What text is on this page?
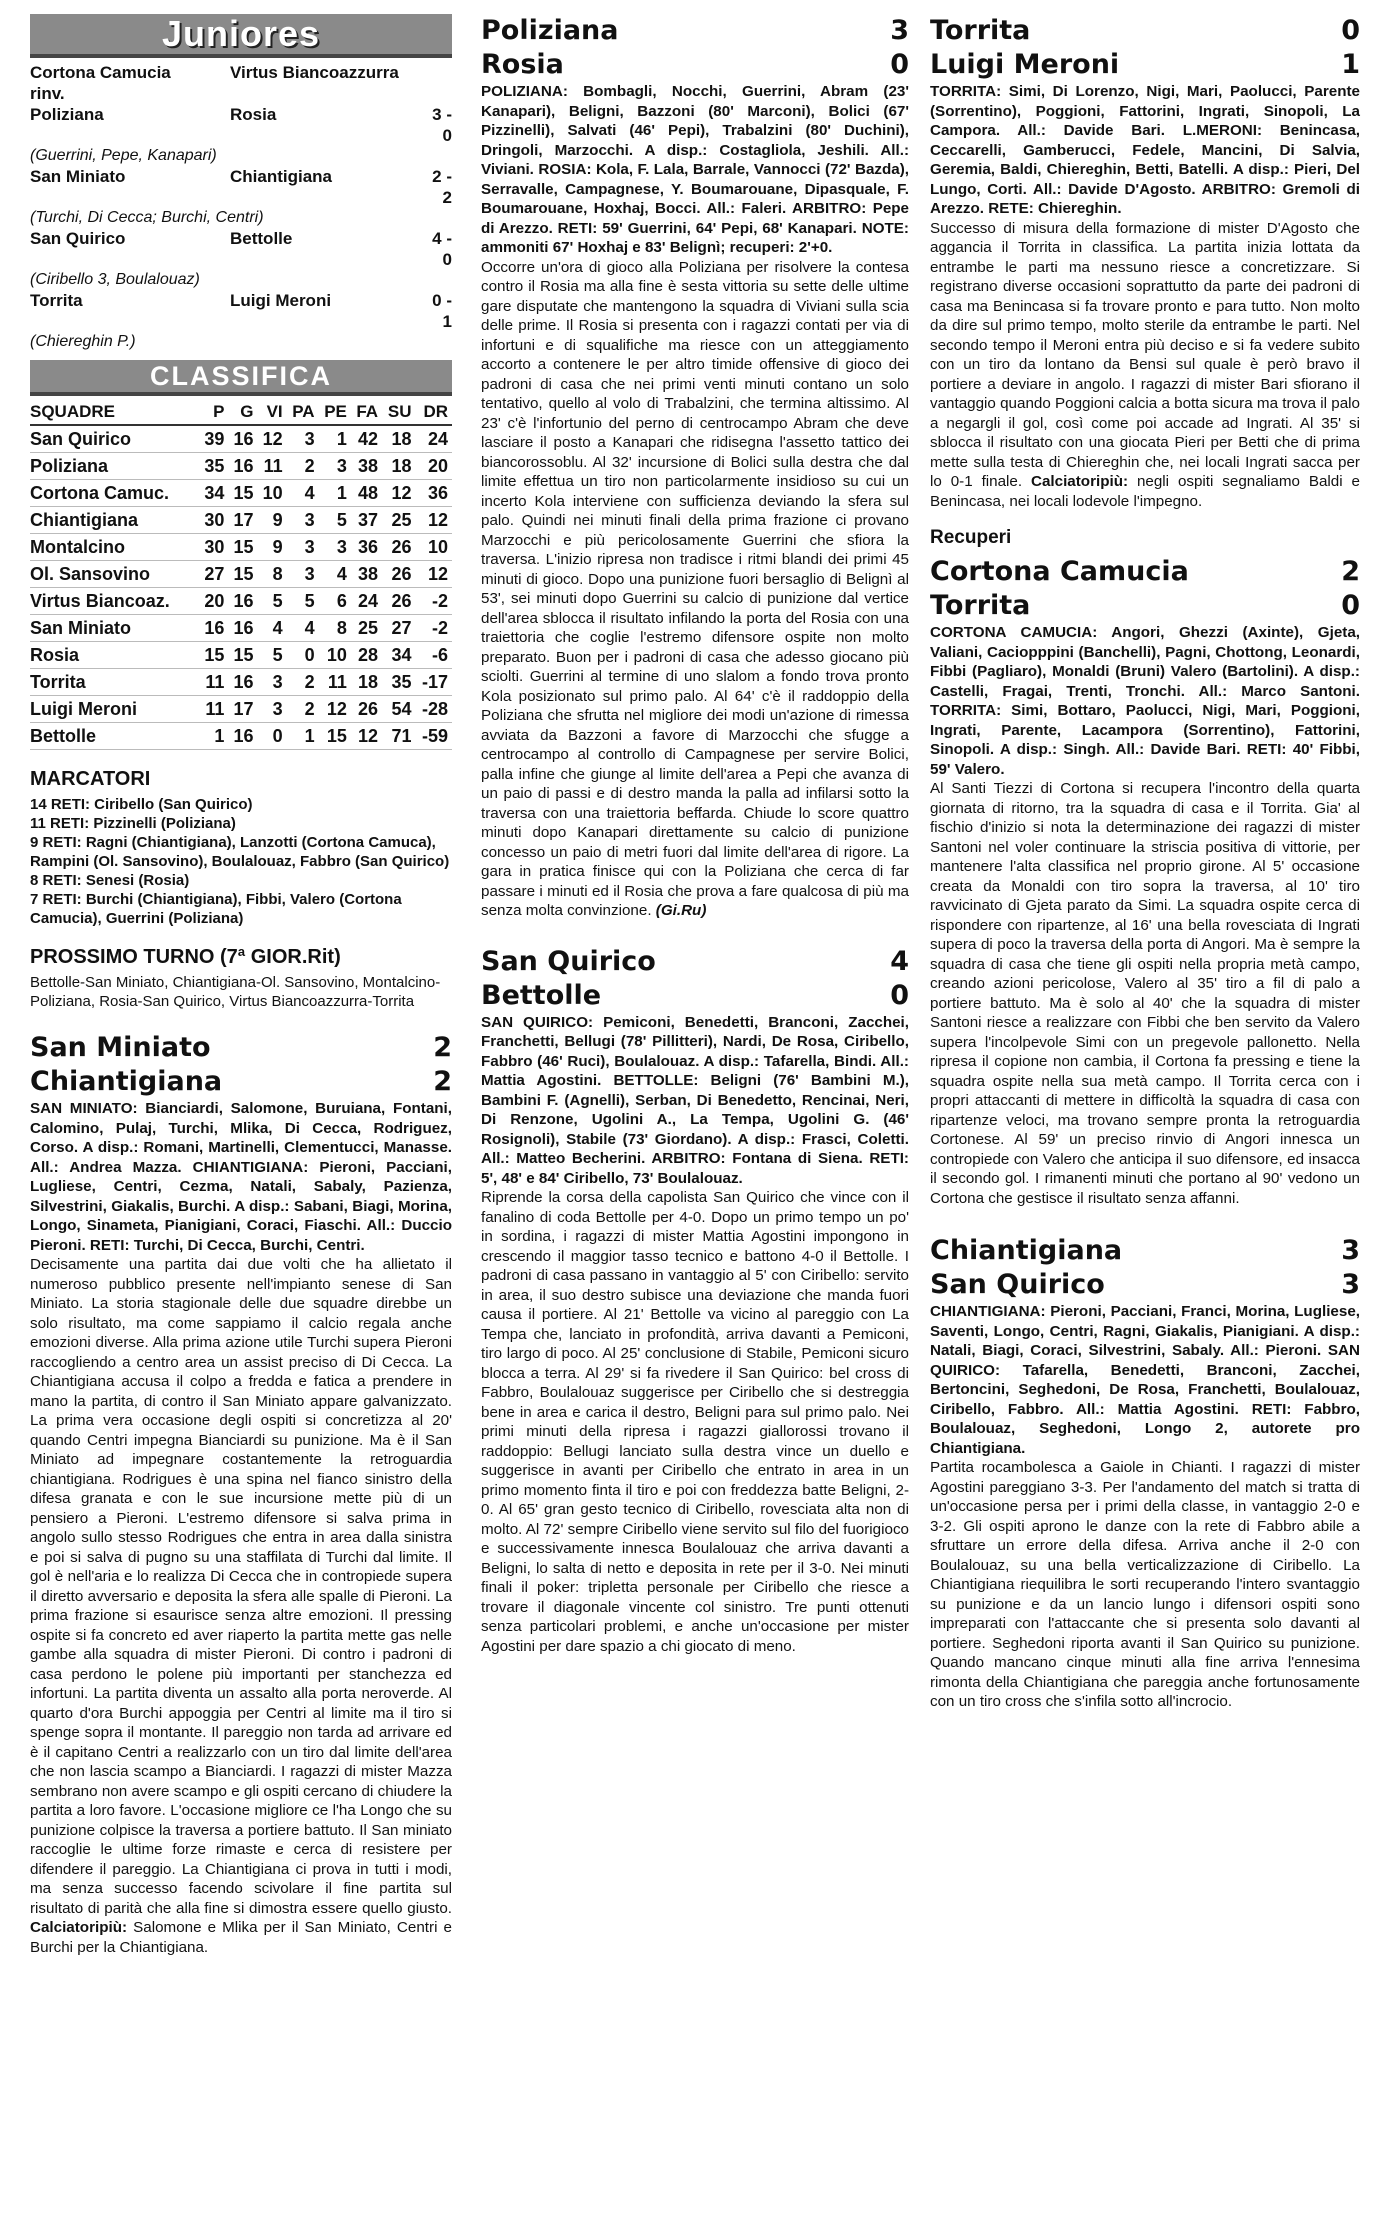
Juniores
Cortona Camucia	Virtus Biancoazzurra
rinv.
Poliziana	Rosia	3 - 0
(Guerrini, Pepe, Kanapari)
San Miniato	Chiantigiana	2 - 2
(Turchi, Di Cecca; Burchi, Centri)
San Quirico	Bettolle	4 - 0
(Ciribello 3, Boulalouaz)
Torrita	Luigi Meroni	0 - 1
(Chiereghin P.)
CLASSIFICA
SQUADRE	P	G	VI	PA	PE	FA	SU	DR
San Quirico	39	16	12	3	1	42	18	24
Poliziana	35	16	11	2	3	38	18	20
Cortona Camuc.	34	15	10	4	1	48	12	36
Chiantigiana	30	17	9	3	5	37	25	12
Montalcino	30	15	9	3	3	36	26	10
Ol. Sansovino	27	15	8	3	4	38	26	12
Virtus Biancoaz.	20	16	5	5	6	24	26	-2
San Miniato	16	16	4	4	8	25	27	-2
Rosia	15	15	5	0	10	28	34	-6
Torrita	11	16	3	2	11	18	35	-17
Luigi Meroni	11	17	3	2	12	26	54	-28
Bettolle	1	16	0	1	15	12	71	-59
MARCATORI
14 RETI: Ciribello (San Quirico)
11 RETI: Pizzinelli (Poliziana)
9 RETI: Ragni (Chiantigiana), Lanzotti (Cortona Camuca), Rampini (Ol. Sansovino), Boulalouaz, Fabbro (San Quirico)
8 RETI: Senesi (Rosia)
7 RETI: Burchi (Chiantigiana), Fibbi, Valero (Cortona Camucia), Guerrini (Poliziana)
PROSSIMO TURNO (7ª GIOR.Rit)
Bettolle-San Miniato, Chiantigiana-Ol. Sansovino, Montalcino-Poliziana, Rosia-San Quirico, Virtus Biancoazzurra-Torrita
San Miniato	2
Chiantigiana	2
SAN MINIATO: Bianciardi, Salomone, Buruiana, Fontani, Calomino, Pulaj, Turchi, Mlika, Di Cecca, Rodriguez, Corso. A disp.: Romani, Martinelli, Clementucci, Manasse. All.: Andrea Mazza. CHIANTIGIANA: Pieroni, Pacciani, Lugliese, Centri, Cezma, Natali, Sabaly, Pazienza, Silvestrini, Giakalis, Burchi. A disp.: Sabani, Biagi, Morina, Longo, Sinameta, Pianigiani, Coraci, Fiaschi. All.: Duccio Pieroni. RETI: Turchi, Di Cecca, Burchi, Centri.
Decisamente una partita dai due volti che ha allietato il numeroso pubblico presente nell'impianto senese di San Miniato. La storia stagionale delle due squadre direbbe un solo risultato, ma come sappiamo il calcio regala anche emozioni diverse. Alla prima azione utile Turchi supera Pieroni raccogliendo a centro area un assist preciso di Di Cecca. La Chiantigiana accusa il colpo a fredda e fatica a prendere in mano la partita, di contro il San Miniato appare galvanizzato. La prima vera occasione degli ospiti si concretizza al 20' quando Centri impegna Bianciardi su punizione. Ma è il San Miniato ad impegnare costantemente la retroguardia chiantigiana. Rodrigues è una spina nel fianco sinistro della difesa granata e con le sue incursione mette più di un pensiero a Pieroni. L'estremo difensore si salva prima in angolo sullo stesso Rodrigues che entra in area dalla sinistra e poi si salva di pugno su una staffilata di Turchi dal limite. Il gol è nell'aria e lo realizza Di Cecca che in contropiede supera il diretto avversario e deposita la sfera alle spalle di Pieroni. La prima frazione si esaurisce senza altre emozioni. Il pressing ospite si fa concreto ed aver riaperto la partita mette gas nelle gambe alla squadra di mister Pieroni. Di contro i padroni di casa perdono le polene più importanti per stanchezza ed infortuni. La partita diventa un assalto alla porta neroverde. Al quarto d'ora Burchi appoggia per Centri al limite ma il tiro si spenge sopra il montante. Il pareggio non tarda ad arrivare ed è il capitano Centri a realizzarlo con un tiro dal limite dell'area che non lascia scampo a Bianciardi. I ragazzi di mister Mazza sembrano non avere scampo e gli ospiti cercano di chiudere la partita a loro favore. L'occasione migliore ce l'ha Longo che su punizione colpisce la traversa a portiere battuto. Il San miniato raccoglie le ultime forze rimaste e cerca di resistere per difendere il pareggio. La Chiantigiana ci prova in tutti i modi, ma senza successo facendo scivolare il fine partita sul risultato di parità che alla fine si dimostra essere quello giusto. Calciatoripiù: Salomone e Mlika per il San Miniato, Centri e Burchi per la Chiantigiana.
Poliziana	3
Rosia	0
POLIZIANA: Bombagli, Nocchi, Guerrini, Abram (23' Kanapari), Beligni, Bazzoni (80' Marconi), Bolici (67' Pizzinelli), Salvati (46' Pepi), Trabalzini (80' Duchini), Dringoli, Marzocchi. A disp.: Costagliola, Jeshili. All.: Viviani. ROSIA: Kola, F. Lala, Barrale, Vannocci (72' Bazda), Serravalle, Campagnese, Y. Boumarouane, Dipasquale, F. Boumarouane, Hoxhaj, Bocci. All.: Faleri. ARBITRO: Pepe di Arezzo. RETI: 59' Guerrini, 64' Pepi, 68' Kanapari. NOTE: ammoniti 67' Hoxhaj e 83' Belignì; recuperi: 2'+0.
Occorre un'ora di gioco alla Poliziana per risolvere la contesa contro il Rosia ma alla fine è sesta vittoria su sette delle ultime gare disputate che mantengono la squadra di Viviani sulla scia delle prime. Il Rosia si presenta con i ragazzi contati per via di infortuni e di squalifiche ma riesce con un atteggiamento accorto a contenere le per altro timide offensive di gioco dei padroni di casa che nei primi venti minuti contano un solo tentativo, quello al volo di Trabalzini, che termina altissimo. Al 23' c'è l'infortunio del perno di centrocampo Abram che deve lasciare il posto a Kanapari che ridisegna l'assetto tattico dei biancorossoblu. Al 32' incursione di Bolici sulla destra che dal limite effettua un tiro non particolarmente insidioso su cui un incerto Kola interviene con sufficienza deviando la sfera sul palo. Quindi nei minuti finali della prima frazione ci provano Marzocchi e più pericolosamente Guerrini che sfiora la traversa. L'inizio ripresa non tradisce i ritmi blandi dei primi 45 minuti di gioco. Dopo una punizione fuori bersaglio di Belignì al 53', sei minuti dopo Guerrini su calcio di punizione dal vertice dell'area sblocca il risultato infilando la porta del Rosia con una traiettoria che coglie l'estremo difensore ospite non molto preparato. Buon per i padroni di casa che adesso giocano più sciolti. Guerrini al termine di uno slalom a fondo trova pronto Kola posizionato sul primo palo. Al 64' c'è il raddoppio della Poliziana che sfrutta nel migliore dei modi un'azione di rimessa avviata da Bazzoni a favore di Marzocchi che sfugge a centrocampo al controllo di Campagnese per servire Bolici, palla infine che giunge al limite dell'area a Pepi che avanza di un paio di passi e di destro manda la palla ad infilarsi sotto la traversa con una traiettoria beffarda. Chiude lo score quattro minuti dopo Kanapari direttamente su calcio di punizione concesso un paio di metri fuori dal limite dell'area di rigore. La gara in pratica finisce qui con la Poliziana che cerca di far passare i minuti ed il Rosia che prova a fare qualcosa di più ma senza molta convinzione. (Gi.Ru)
San Quirico	4
Bettolle	0
SAN QUIRICO: Pemiconi, Benedetti, Branconi, Zacchei, Franchetti, Bellugi (78' Pillitteri), Nardi, De Rosa, Ciribello, Fabbro (46' Ruci), Boulalouaz. A disp.: Tafarella, Bindi. All.: Mattia Agostini. BETTOLLE: Beligni (76' Bambini M.), Bambini F. (Agnelli), Serban, Di Benedetto, Rencinai, Neri, Di Renzone, Ugolini A., La Tempa, Ugolini G. (46' Rosignoli), Stabile (73' Giordano). A disp.: Frasci, Coletti. All.: Matteo Becherini. ARBITRO: Fontana di Siena. RETI: 5', 48' e 84' Ciribello, 73' Boulalouaz.
Riprende la corsa della capolista San Quirico che vince con il fanalino di coda Bettolle per 4-0. Dopo un primo tempo un po' in sordina, i ragazzi di mister Mattia Agostini impongono in crescendo il maggior tasso tecnico e battono 4-0 il Bettolle. I padroni di casa passano in vantaggio al 5' con Ciribello: servito in area, il suo destro subisce una deviazione che manda fuori causa il portiere. Al 21' Bettolle va vicino al pareggio con La Tempa che, lanciato in profondità, arriva davanti a Pemiconi, tiro largo di poco. Al 25' conclusione di Stabile, Pemiconi sicuro blocca a terra. Al 29' si fa rivedere il San Quirico: bel cross di Fabbro, Boulalouaz suggerisce per Ciribello che si destreggia bene in area e carica il destro, Beligni para sul primo palo. Nei primi minuti della ripresa i ragazzi giallorossi trovano il raddoppio: Bellugi lanciato sulla destra vince un duello e suggerisce in avanti per Ciribello che entrato in area in un primo momento finta il tiro e poi con freddezza batte Beligni, 2-0. Al 65' gran gesto tecnico di Ciribello, rovesciata alta non di molto. Al 72' sempre Ciribello viene servito sul filo del fuorigioco e successivamente innesca Boulalouaz che arriva davanti a Beligni, lo salta di netto e deposita in rete per il 3-0. Nei minuti finali il poker: tripletta personale per Ciribello che riesce a trovare il diagonale vincente col sinistro. Tre punti ottenuti senza particolari problemi, e anche un'occasione per mister Agostini per dare spazio a chi giocato di meno.
Torrita	0
Luigi Meroni	1
TORRITA: Simi, Di Lorenzo, Nigi, Mari, Paolucci, Parente (Sorrentino), Poggioni, Fattorini, Ingrati, Sinopoli, La Campora. All.: Davide Bari. L.MERONI: Benincasa, Ceccarelli, Gamberucci, Fedele, Mancini, Di Salvia, Geremia, Baldi, Chiereghin, Betti, Batelli. A disp.: Pieri, Del Lungo, Corti. All.: Davide D'Agosto. ARBITRO: Gremoli di Arezzo. RETE: Chiereghin.
Successo di misura della formazione di mister D'Agosto che aggancia il Torrita in classifica. La partita inizia lottata da entrambe le parti ma nessuno riesce a concretizzare. Si registrano diverse occasioni soprattutto da parte dei padroni di casa ma Benincasa si fa trovare pronto e para tutto. Non molto da dire sul primo tempo, molto sterile da entrambe le parti. Nel secondo tempo il Meroni entra più deciso e si fa vedere subito con un tiro da lontano da Bensi sul quale è però bravo il portiere a deviare in angolo. I ragazzi di mister Bari sfiorano il vantaggio quando Poggioni calcia a botta sicura ma trova il palo a negargli il gol, così come poi accade ad Ingrati. Al 35' si sblocca il risultato con una giocata Pieri per Betti che di prima mette sulla testa di Chiereghin che, nei locali Ingrati sacca per lo 0-1 finale. Calciatoripiù: negli ospiti segnaliamo Baldi e Benincasa, nei locali lodevole l'impegno.
Recuperi
Cortona Camucia	2
Torrita	0
CORTONA CAMUCIA: Angori, Ghezzi (Axinte), Gjeta, Valiani, Caciopppini (Banchelli), Pagni, Chottong, Leonardi, Fibbi (Pagliaro), Monaldi (Bruni) Valero (Bartolini). A disp.: Castelli, Fragai, Trenti, Tronchi. All.: Marco Santoni. TORRITA: Simi, Bottaro, Paolucci, Nigi, Mari, Poggioni, Ingrati, Parente, Lacampora (Sorrentino), Fattorini, Sinopoli. A disp.: Singh. All.: Davide Bari. RETI: 40' Fibbi, 59' Valero.
Al Santi Tiezzi di Cortona si recupera l'incontro della quarta giornata di ritorno, tra la squadra di casa e il Torrita. Gia' al fischio d'inizio si nota la determinazione dei ragazzi di mister Santoni nel voler continuare la striscia positiva di vittorie, per mantenere l'alta classifica nel proprio girone. Al 5' occasione creata da Monaldi con tiro sopra la traversa, al 10' tiro ravvicinato di Gjeta parato da Simi. La squadra ospite cerca di rispondere con ripartenze, al 16' una bella rovesciata di Ingrati supera di poco la traversa della porta di Angori. Ma è sempre la squadra di casa che tiene gli ospiti nella propria metà campo, creando azioni pericolose, Valero al 35' tiro a fil di palo a portiere battuto. Ma è solo al 40' che la squadra di mister Santoni riesce a realizzare con Fibbi che ben servito da Valero supera l'incolpevole Simi con un pregevole pallonetto. Nella ripresa il copione non cambia, il Cortona fa pressing e tiene la squadra ospite nella sua metà campo. Il Torrita cerca con i propri attaccanti di mettere in difficoltà la squadra di casa con ripartenze veloci, ma trovano sempre pronta la retroguardia Cortonese. Al 59' un preciso rinvio di Angori innesca un contropiede con Valero che anticipa il suo difensore, ed insacca il secondo gol. I rimanenti minuti che portano al 90' vedono un Cortona che gestisce il risultato senza affanni.
Chiantigiana	3
San Quirico	3
CHIANTIGIANA: Pieroni, Pacciani, Franci, Morina, Lugliese, Saventi, Longo, Centri, Ragni, Giakalis, Pianigiani. A disp.: Natali, Biagi, Coraci, Silvestrini, Sabaly. All.: Pieroni. SAN QUIRICO: Tafarella, Benedetti, Branconi, Zacchei, Bertoncini, Seghedoni, De Rosa, Franchetti, Boulalouaz, Ciribello, Fabbro. All.: Mattia Agostini. RETI: Fabbro, Boulalouaz, Seghedoni, Longo 2, autorete pro Chiantigiana.
Partita rocambolesca a Gaiole in Chianti. I ragazzi di mister Agostini pareggiano 3-3. Per l'andamento del match si tratta di un'occasione persa per i primi della classe, in vantaggio 2-0 e 3-2. Gli ospiti aprono le danze con la rete di Fabbro abile a sfruttare un errore della difesa. Arriva anche il 2-0 con Boulalouaz, su una bella verticalizzazione di Ciribello. La Chiantigiana riequilibra le sorti recuperando l'intero svantaggio su punizione e da un lancio lungo i difensori ospiti sono impreparati con l'attaccante che si presenta solo davanti al portiere. Seghedoni riporta avanti il San Quirico su punizione. Quando mancano cinque minuti alla fine arriva l'ennesima rimonta della Chiantigiana che pareggia anche fortunosamente con un tiro cross che s'infila sotto all'incrocio.
